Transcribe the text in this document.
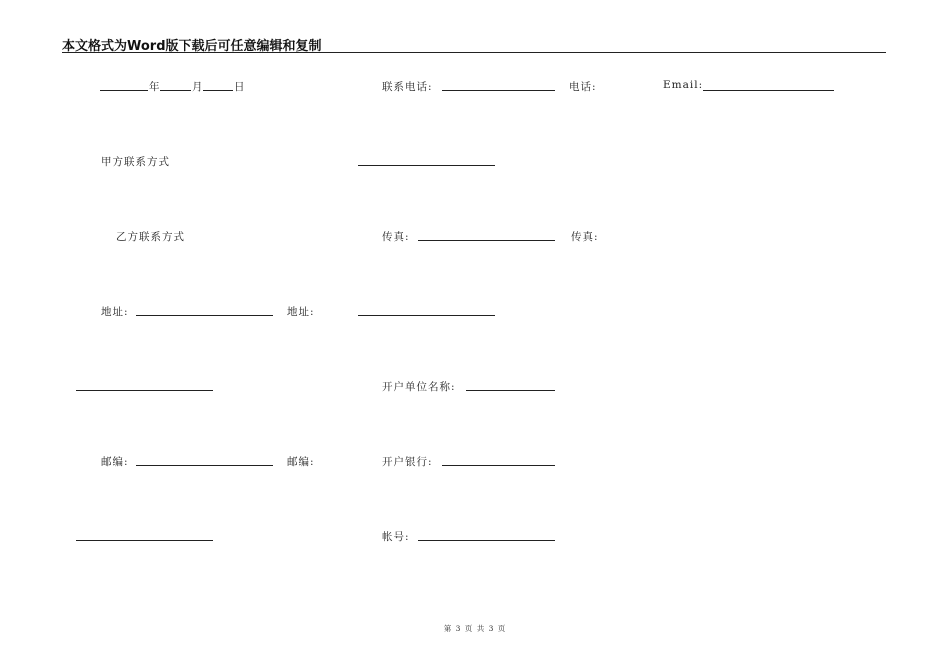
本文格式为Word版下载后可任意编辑和复制
年	月	日	联系电话:	电话:	Email:
甲方联系方式
乙方联系方式	传真:	传真:
地址:	地址:
开户单位名称:
邮编:	邮编:	开户银行:
帐号:
第 3 页 共 3 页
